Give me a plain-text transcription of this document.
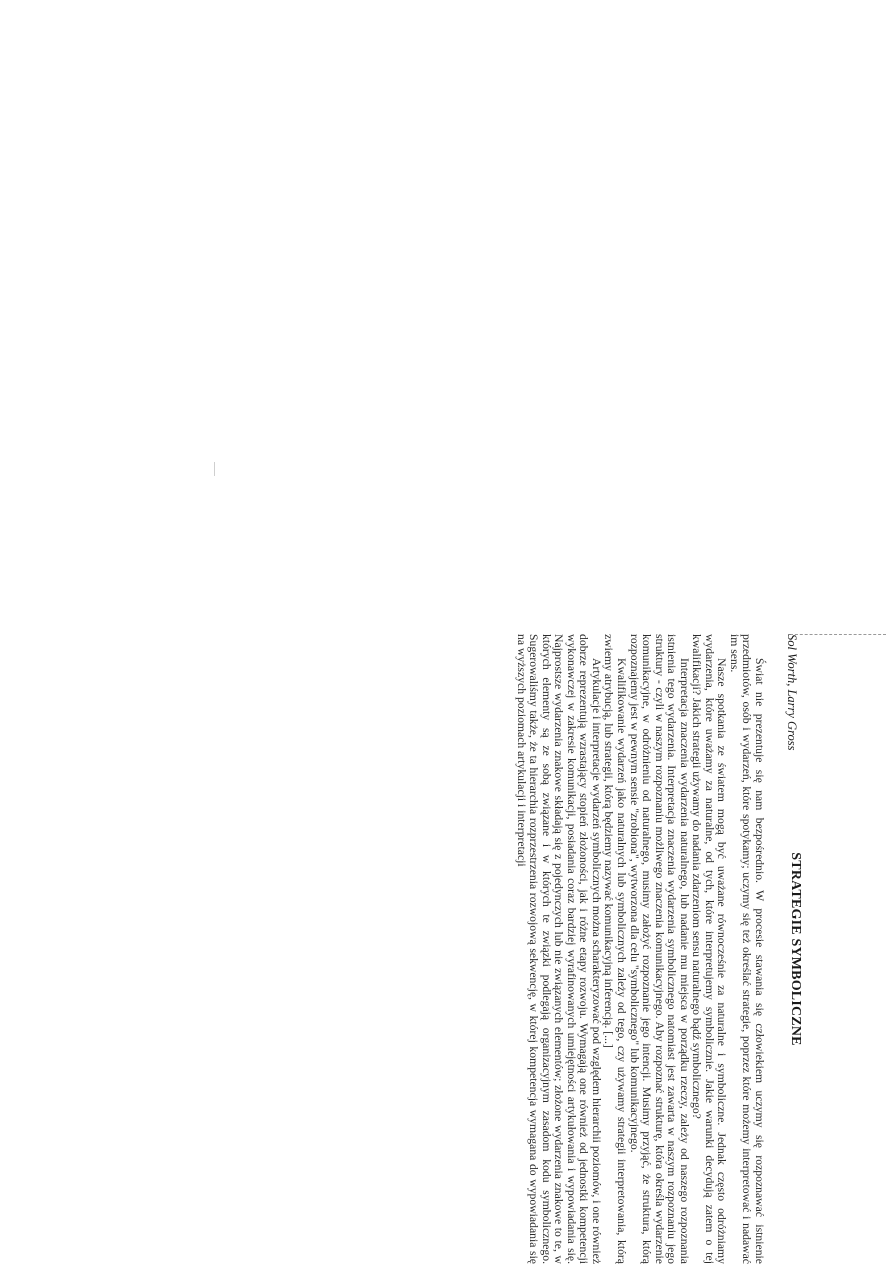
Sol Worth, Larry Gross
STRATEGIE SYMBOLICZNE

Świat nie prezentuje się nam bezpośrednio. W procesie stawania się człowiekiem uczymy się rozpoznawać istnienie przedmiotów, osób i wydarzeń, które spotykamy; uczymy się też określać strategie, poprzez które możemy interpretować i nadawać im sens.

Nasze spotkania ze światem mogą być uważane równocześnie za naturalne i symboliczne. Jednak często odróżniamy wydarzenia, które uważamy za naturalne, od tych, które interpretujemy symbolicznie. Jakie warunki decydują zatem o tej kwalifikacji? Jakich strategii używamy do nadania zdarzeniom sensu naturalnego bądź symbolicznego?

Interpretacja znaczenia wydarzenia naturalnego, lub nadanie mu miejsca w porządku rzeczy, zależy od naszego rozpoznania istnienia tego wydarzenia. Interpretacja znaczenia wydarzenia symbolicznego natomiast jest zawarta w naszym rozpoznaniu jego struktury - czyli w naszym rozpoznaniu możliwego znaczenia komunikacyjnego. Aby rozpoznać strukturę, która określa wydarzenie komunikacyjne, w odróżnieniu od naturalnego, musimy założyć rozpoznanie jego intencji. Musimy przyjąć, że struktura, którą rozpoznajemy jest w pewnym sensie "zrobiona", wytworzona dla celu "symbolicznego" lub komunikacyjnego.

Kwalifikowanie wydarzeń jako naturalnych lub symbolicznych zależy od tego, czy używamy strategii interpretowania, którą zwiemy atrybucją, lub strategii, którą będziemy nazywać komunikacyjną inferencją. [...]

Artykulacje i interpretacje wydarzeń symbolicznych można scharakteryzować pod względem hierarchii poziomów, i one również dobrze reprezentują wzrastający stopień złożoności, jak i różne etapy rozwoju. Wymagają one również od jednostki kompetencji wykonawczej w zakresie komunikacji, posiadania coraz bardziej wyrafinowanych umiejętności artykułowania i wypowiadania się. Najprostsze wydarzenia znakowe składają się z pojedynczych lub nie związanych elementów; złożone wydarzenia znakowe to te, w których elementy są ze sobą związane i w których te związki podlegają organizacyjnym zasadom kodu symbolicznego. Sugerowaliśmy także, że ta hierarchia rozprzestrzenia rozwojową sekwencję, w której kompetencja wymagana do wypowiadania się na wyższych poziomach artykulacji i interpretacji
